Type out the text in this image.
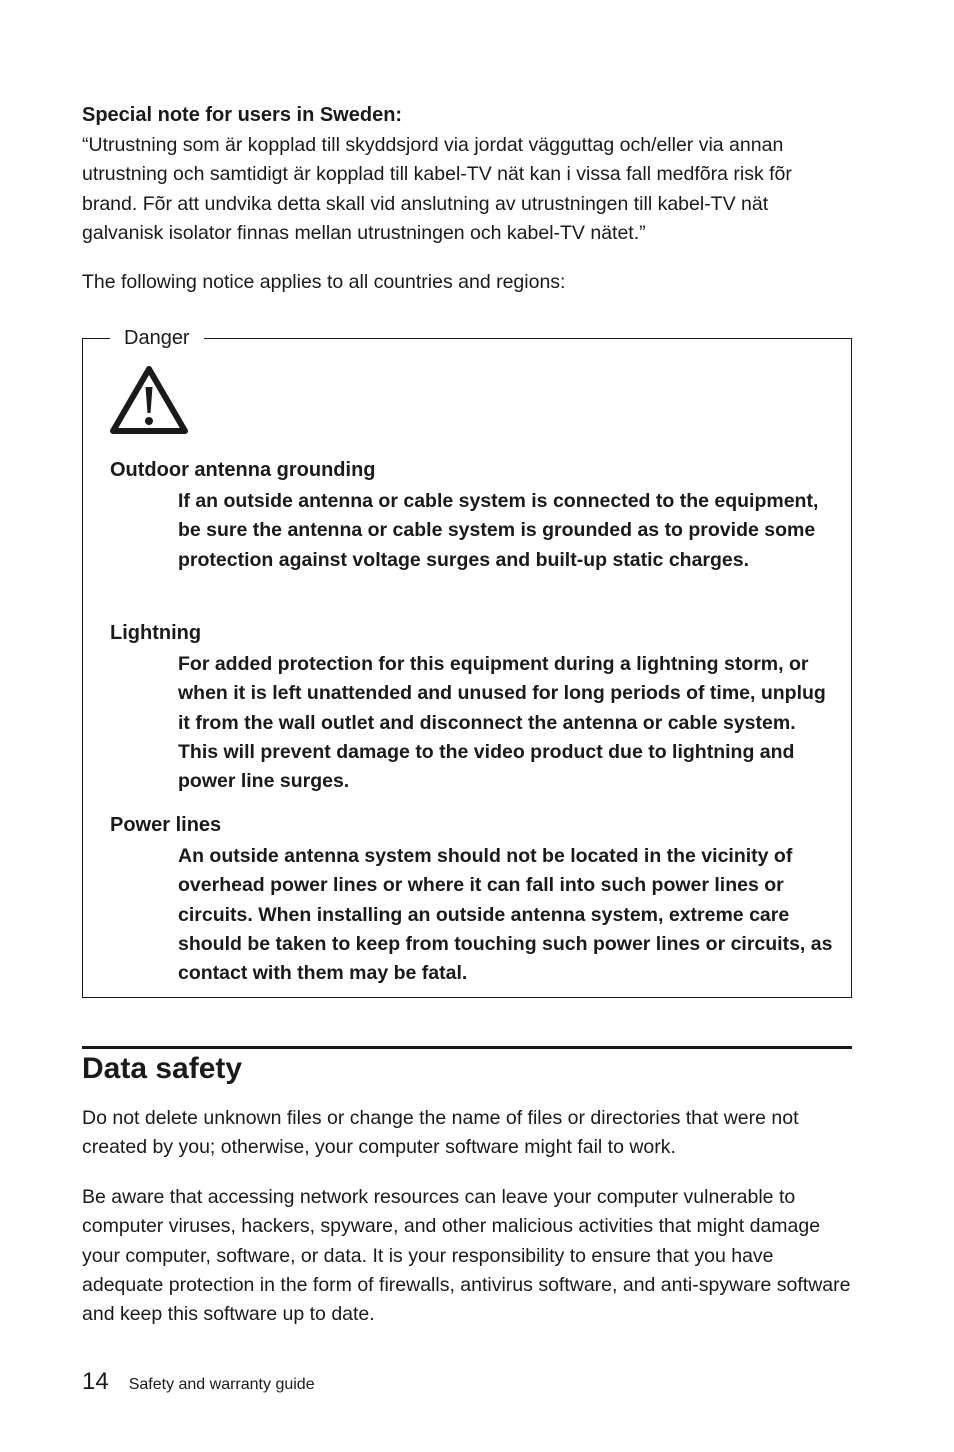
Special note for users in Sweden:

“Utrustning som är kopplad till skyddsjord via jordat vägguttag och/eller via annan utrustning och samtidigt är kopplad till kabel-TV nät kan i vissa fall medfõra risk fõr brand. Fõr att undvika detta skall vid anslutning av utrustningen till kabel-TV nät galvanisk isolator finnas mellan utrustningen och kabel-TV nätet.”

The following notice applies to all countries and regions:

Danger
Outdoor antenna grounding

If an outside antenna or cable system is connected to the equipment, be sure the antenna or cable system is grounded as to provide some protection against voltage surges and built-up static charges.

Lightning

For added protection for this equipment during a lightning storm, or when it is left unattended and unused for long periods of time, unplug it from the wall outlet and disconnect the antenna or cable system. This will prevent damage to the video product due to lightning and power line surges.

Power lines

An outside antenna system should not be located in the vicinity of overhead power lines or where it can fall into such power lines or circuits. When installing an outside antenna system, extreme care should be taken to keep from touching such power lines or circuits, as contact with them may be fatal.

Data safety

Do not delete unknown files or change the name of files or directories that were not created by you; otherwise, your computer software might fail to work.

Be aware that accessing network resources can leave your computer vulnerable to computer viruses, hackers, spyware, and other malicious activities that might damage your computer, software, or data. It is your responsibility to ensure that you have adequate protection in the form of firewalls, antivirus software, and anti-spyware software and keep this software up to date.

14 Safety and warranty guide
